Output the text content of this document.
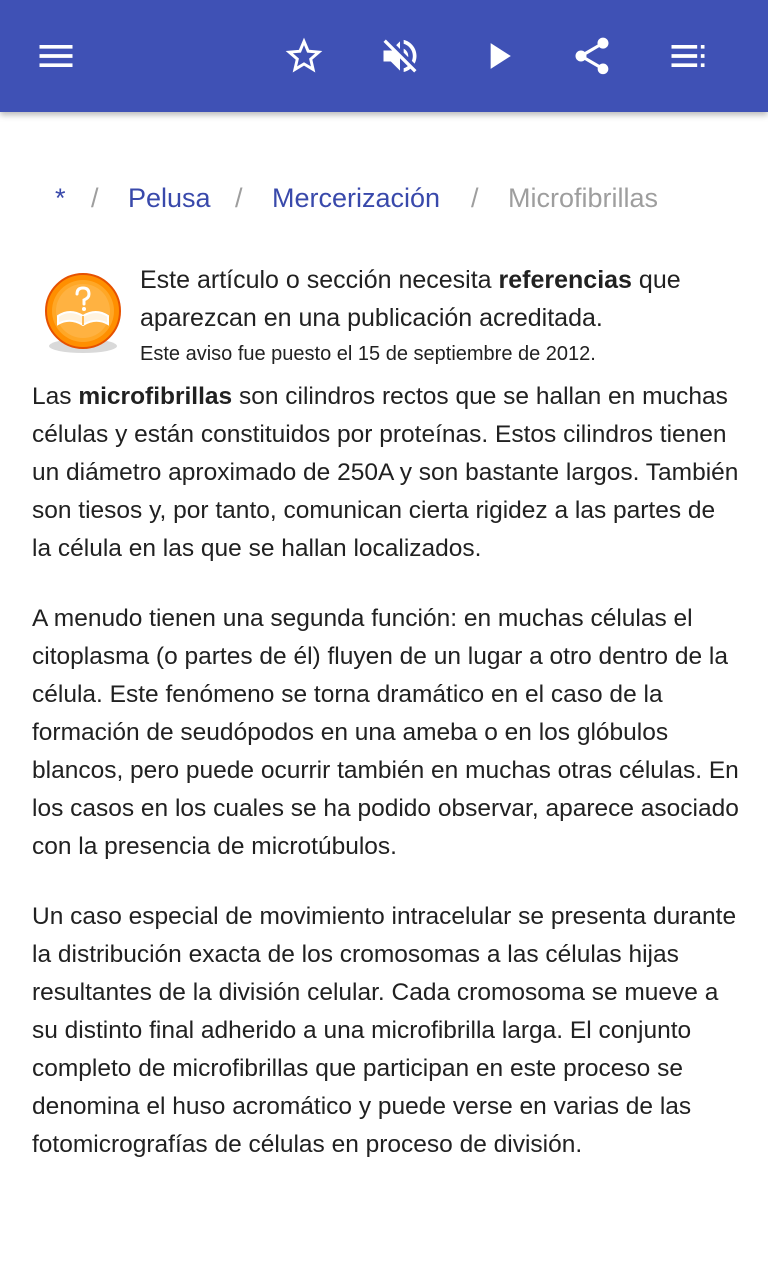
* / Pelusa / Mercerización / Microfibrillas

Este artículo o sección necesita referencias que aparezcan en una publicación acreditada.

Este aviso fue puesto el 15 de septiembre de 2012.

Las microfibrillas son cilindros rectos que se hallan en muchas células y están constituidos por proteínas. Estos cilindros tienen un diámetro aproximado de 250A y son bastante largos. También son tiesos y, por tanto, comunican cierta rigidez a las partes de la célula en las que se hallan localizados.

A menudo tienen una segunda función: en muchas células el citoplasma (o partes de él) fluyen de un lugar a otro dentro de la célula. Este fenómeno se torna dramático en el caso de la formación de seudópodos en una ameba o en los glóbulos blancos, pero puede ocurrir también en muchas otras células. En los casos en los cuales se ha podido observar, aparece asociado con la presencia de microtúbulos.

Un caso especial de movimiento intracelular se presenta durante la distribución exacta de los cromosomas a las células hijas resultantes de la división celular. Cada cromosoma se mueve a su distinto final adherido a una microfibrilla larga. El conjunto completo de microfibrillas que participan en este proceso se denomina el huso acromático y puede verse en varias de las fotomicrografías de células en proceso de división.
